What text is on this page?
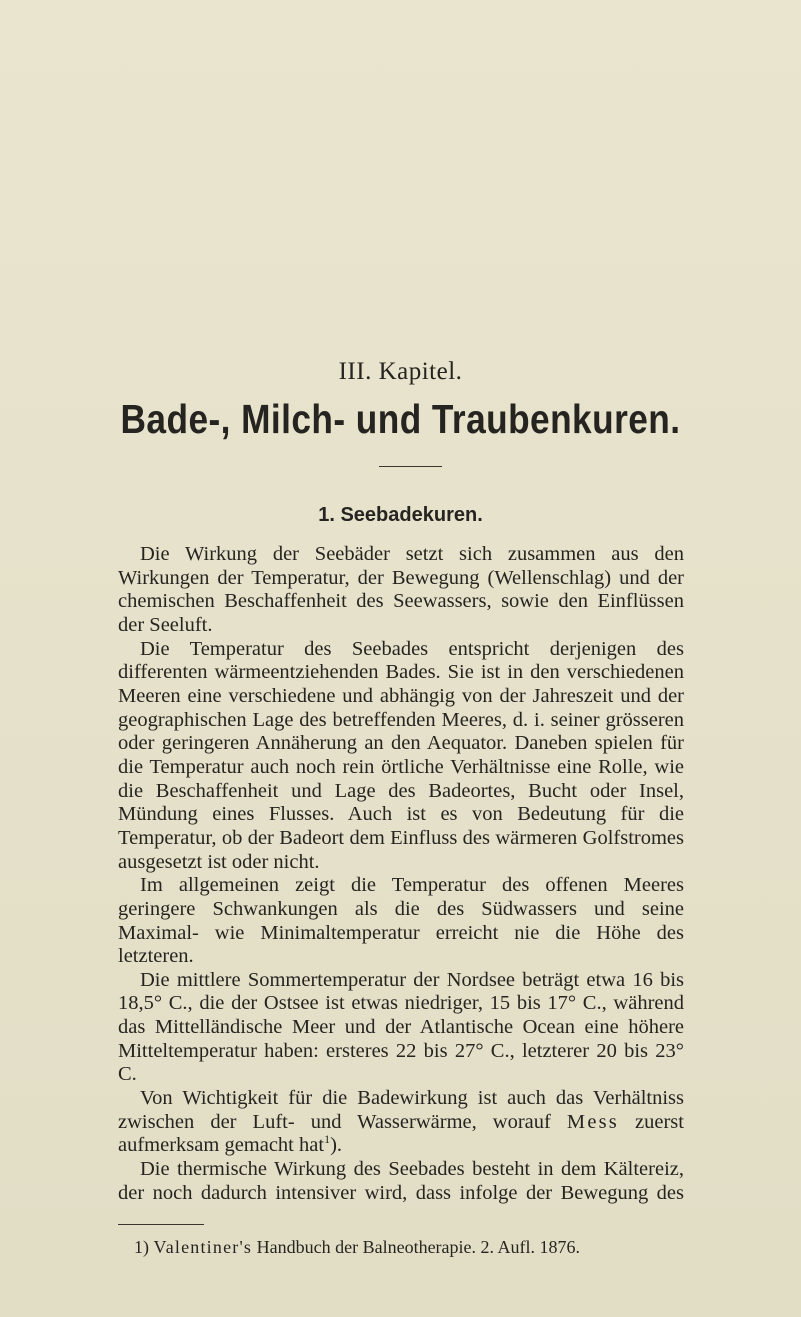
III. Kapitel.
Bade-, Milch- und Traubenkuren.
1. Seebadekuren.

Die Wirkung der Seebäder setzt sich zusammen aus den Wirkungen der Temperatur, der Bewegung (Wellenschlag) und der chemischen Beschaffenheit des Seewassers, sowie den Einflüssen der Seeluft.

Die Temperatur des Seebades entspricht derjenigen des differenten wärmeentziehenden Bades. Sie ist in den verschiedenen Meeren eine verschiedene und abhängig von der Jahreszeit und der geographischen Lage des betreffenden Meeres, d. i. seiner grösseren oder geringeren Annäherung an den Aequator. Daneben spielen für die Temperatur auch noch rein örtliche Verhältnisse eine Rolle, wie die Beschaffenheit und Lage des Badeortes, Bucht oder Insel, Mündung eines Flusses. Auch ist es von Bedeutung für die Temperatur, ob der Badeort dem Einfluss des wärmeren Golfstromes ausgesetzt ist oder nicht.

Im allgemeinen zeigt die Temperatur des offenen Meeres geringere Schwankungen als die des Südwassers und seine Maximal- wie Minimaltemperatur erreicht nie die Höhe des letzteren.

Die mittlere Sommertemperatur der Nordsee beträgt etwa 16 bis 18,5° C., die der Ostsee ist etwas niedriger, 15 bis 17° C., während das Mittelländische Meer und der Atlantische Ocean eine höhere Mitteltemperatur haben: ersteres 22 bis 27° C., letzterer 20 bis 23° C.

Von Wichtigkeit für die Badewirkung ist auch das Verhältniss zwischen der Luft- und Wasserwärme, worauf Mess zuerst aufmerksam gemacht hat$^1$).

Die thermische Wirkung des Seebades besteht in dem Kältereiz, der noch dadurch intensiver wird, dass infolge der Bewegung des

1) Valentiner's Handbuch der Balneotherapie. 2. Aufl. 1876.
